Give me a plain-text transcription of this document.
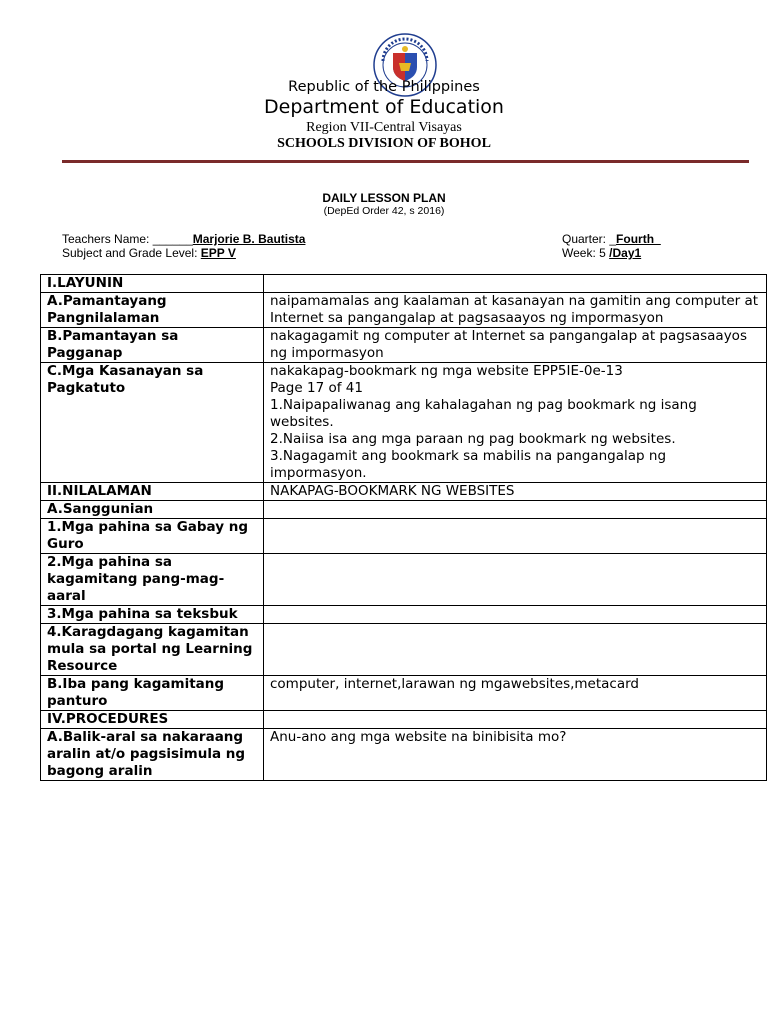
Republic of the Philippines
Department of Education
Region VII-Central Visayas
SCHOOLS DIVISION OF BOHOL
DAILY LESSON PLAN
(DepEd Order 42, s 2016)
Teachers Name: ______Marjorie B. Bautista
Subject and Grade Level: EPP V
Quarter: _Fourth_
Week: 5 /Day1
I.LAYUNIN	
A.Pamantayang Pangnilalaman	naipamamalas ang kaalaman at kasanayan na gamitin ang computer at Internet sa pangangalap at pagsasaayos ng impormasyon

B.Pamantayan sa Pagganap	nakagagamit ng computer at Internet sa pangangalap at pagsasaayos ng impormasyon

C.Mga Kasanayan sa Pagkatuto	nakakapag-bookmark ng mga website EPP5IE-0e-13
Page 17 of 41
1.Naipapaliwanag ang kahalagahan ng pag bookmark ng isang websites.
2.Naiisa isa ang mga paraan ng pag bookmark ng websites.
3.Nagagamit ang bookmark sa mabilis na pangangalap ng impormasyon.

II.NILALAMAN	NAKAPAG-BOOKMARK NG WEBSITES

A.Sanggunian	
1.Mga pahina sa Gabay ng Guro	
2.Mga pahina sa kagamitang pang-mag-aaral	
3.Mga pahina sa teksbuk	
4.Karagdagang kagamitan mula sa portal ng Learning Resource	
B.Iba pang kagamitang panturo	computer, internet,larawan ng mgawebsites,metacard

IV.PROCEDURES	
A.Balik-aral sa nakaraang aralin at/o pagsisimula ng bagong aralin	Anu-ano ang mga website na binibisita mo?
